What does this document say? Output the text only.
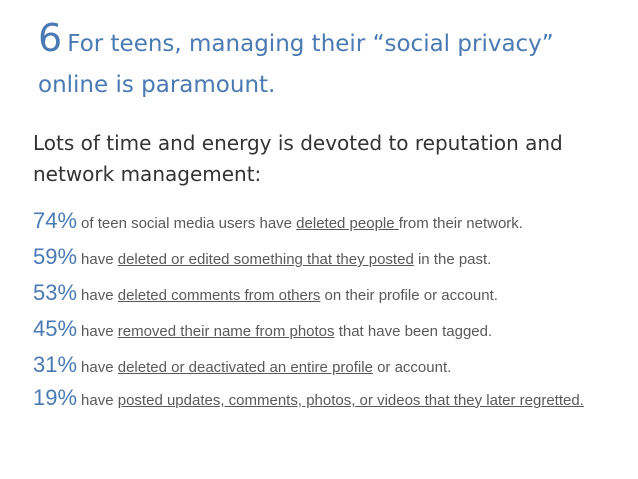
6 For teens, managing their “social privacy”
online is paramount.
Lots of time and energy is devoted to reputation and network management:
74% of teen social media users have deleted people from their network.
59% have deleted or edited something that they posted in the past.
53% have deleted comments from others on their profile or account.
45% have removed their name from photos that have been tagged.
31% have deleted or deactivated an entire profile or account.
19% have posted updates, comments, photos, or videos that they later regretted.
